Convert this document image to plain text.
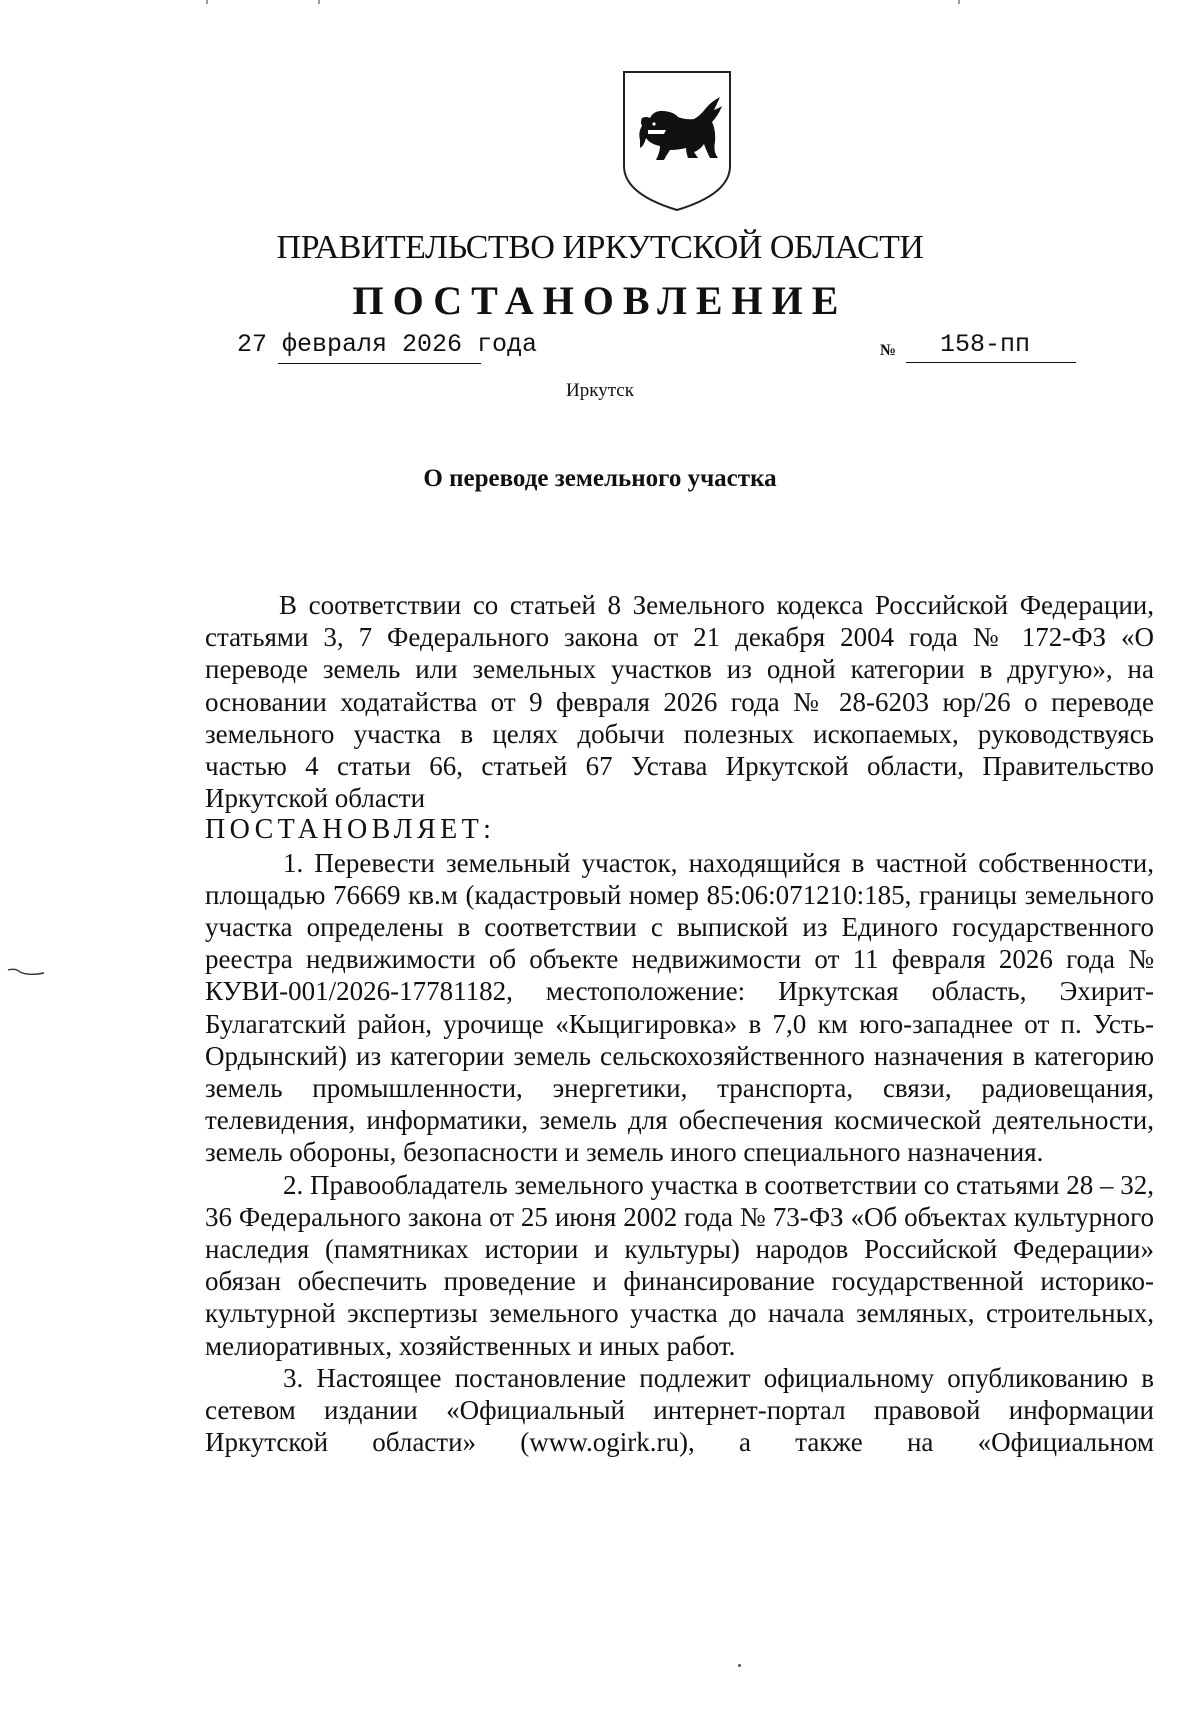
ПРАВИТЕЛЬСТВО ИРКУТСКОЙ ОБЛАСТИ
ПОСТАНОВЛЕНИЕ
27 февраля 2026 года	№ 158-пп
Иркутск
О переводе земельного участка

В соответствии со статьей 8 Земельного кодекса Российской Федерации, статьями 3, 7 Федерального закона от 21 декабря 2004 года № 172-ФЗ «О переводе земель или земельных участков из одной категории в другую», на основании ходатайства от 9 февраля 2026 года № 28-6203 юр/26 о переводе земельного участка в целях добычи полезных ископаемых, руководствуясь частью 4 статьи 66, статьей 67 Устава Иркутской области, Правительство Иркутской области

ПОСТАНОВЛЯЕТ:

1. Перевести земельный участок, находящийся в частной собственности, площадью 76669 кв.м (кадастровый номер 85:06:071210:185, границы земельного участка определены в соответствии с выпиской из Единого государственного реестра недвижимости об объекте недвижимости от 11 февраля 2026 года № КУВИ-001/2026-17781182, местоположение: Иркутская область, Эхирит-Булагатский район, урочище «Кыцигировка» в 7,0 км юго-западнее от п. Усть-Ордынский) из категории земель сельскохозяйственного назначения в категорию земель промышленности, энергетики, транспорта, связи, радиовещания, телевидения, информатики, земель для обеспечения космической деятельности, земель обороны, безопасности и земель иного специального назначения.

2. Правообладатель земельного участка в соответствии со статьями 28 – 32, 36 Федерального закона от 25 июня 2002 года № 73-ФЗ «Об объектах культурного наследия (памятниках истории и культуры) народов Российской Федерации» обязан обеспечить проведение и финансирование государственной историко-культурной экспертизы земельного участка до начала земляных, строительных, мелиоративных, хозяйственных и иных работ.

3. Настоящее постановление подлежит официальному опубликованию в сетевом издании «Официальный интернет-портал правовой информации Иркутской области» (www.ogirk.ru), а также на «Официальном
